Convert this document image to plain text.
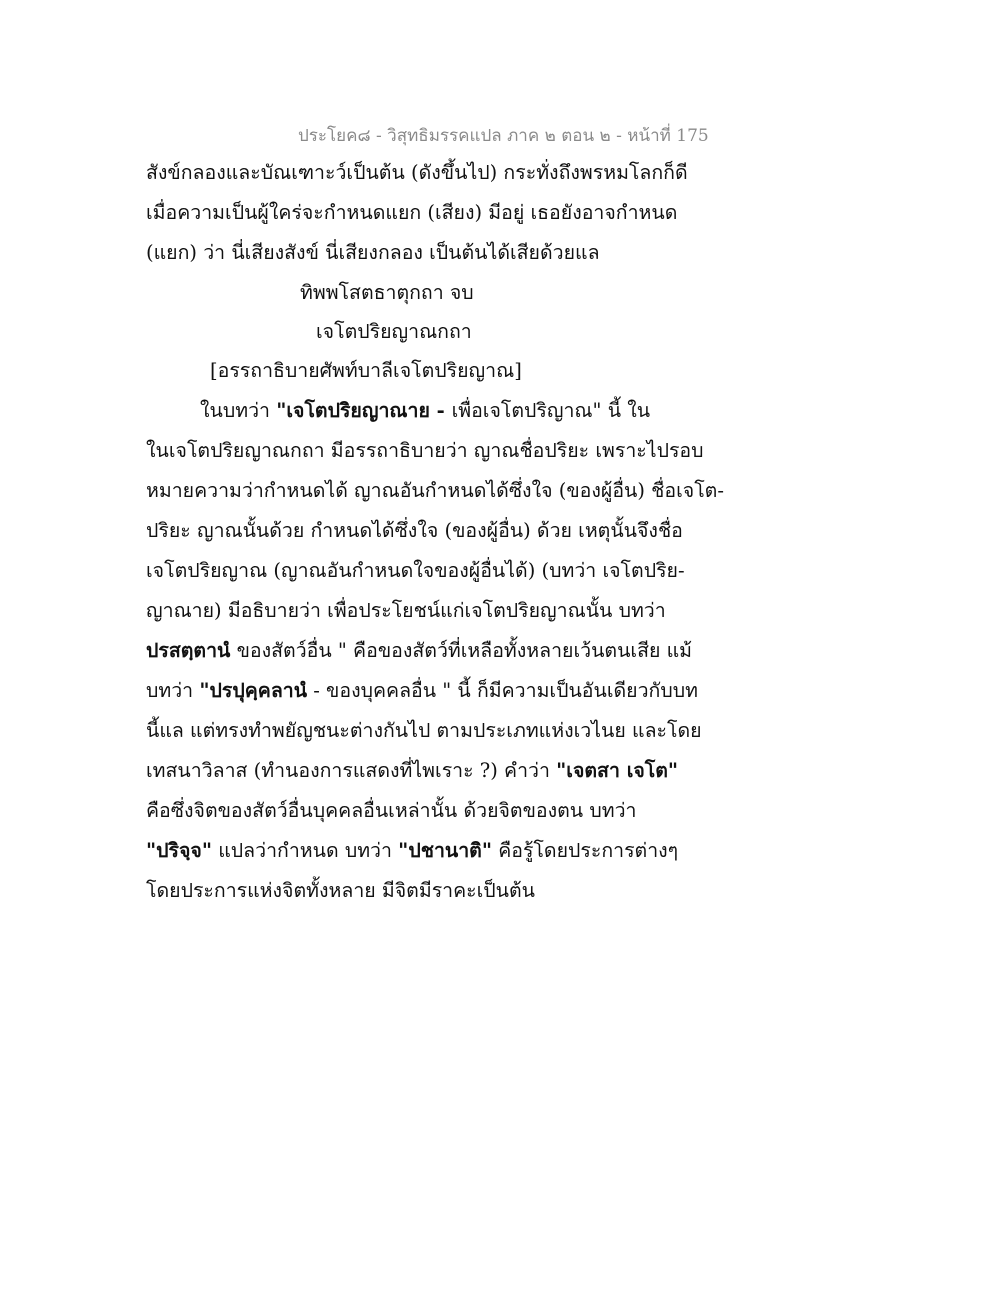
ประโยค๘ - วิสุทธิมรรคแปล ภาค ๒ ตอน ๒ - หน้าที่ 175
สังข์กลองและบัณเฑาะว์เป็นต้น (ดังขึ้นไป) กระทั่งถึงพรหมโลกก็ดี
เมื่อความเป็นผู้ใคร่จะกำหนดแยก (เสียง) มีอยู่ เธอยังอาจกำหนด
(แยก) ว่า นี่เสียงสังข์ นี่เสียงกลอง เป็นต้นได้เสียด้วยแล
ทิพพโสตธาตุกถา จบ
เจโตปริยญาณกถา
[อรรถาธิบายศัพท์บาลีเจโตปริยญาณ]
ในบทว่า "เจโตปริยญาณาย - เพื่อเจโตปริญาณ" นี้ ใน
ในเจโตปริยญาณกถา มีอรรถาธิบายว่า ญาณชื่อปริยะ เพราะไปรอบ
หมายความว่ากำหนดได้ ญาณอันกำหนดได้ซึ่งใจ (ของผู้อื่น) ชื่อเจโต-
ปริยะ ญาณนั้นด้วย กำหนดได้ซึ่งใจ (ของผู้อื่น) ด้วย เหตุนั้นจึงชื่อ
เจโตปริยญาณ (ญาณอันกำหนดใจของผู้อื่นได้) (บทว่า เจโตปริย-
ญาณาย) มีอธิบายว่า เพื่อประโยชน์แก่เจโตปริยญาณนั้น บทว่า
ปรสตฺตานํ ของสัตว์อื่น " คือของสัตว์ที่เหลือทั้งหลายเว้นตนเสีย แม้
บทว่า "ปรปุคฺคลานํ - ของบุคคลอื่น " นี้ ก็มีความเป็นอันเดียวกับบท
นี้แล แต่ทรงทำพยัญชนะต่างกันไป ตามประเภทแห่งเวไนย และโดย
เทสนาวิลาส (ทำนองการแสดงที่ไพเราะ ?) คำว่า "เจตสา เจโต"
คือซึ่งจิตของสัตว์อื่นบุคคลอื่นเหล่านั้น ด้วยจิตของตน บทว่า
"ปริจฺจ" แปลว่ากำหนด บทว่า "ปชานาติ" คือรู้โดยประการต่างๆ
โดยประการแห่งจิตทั้งหลาย มีจิตมีราคะเป็นต้น
